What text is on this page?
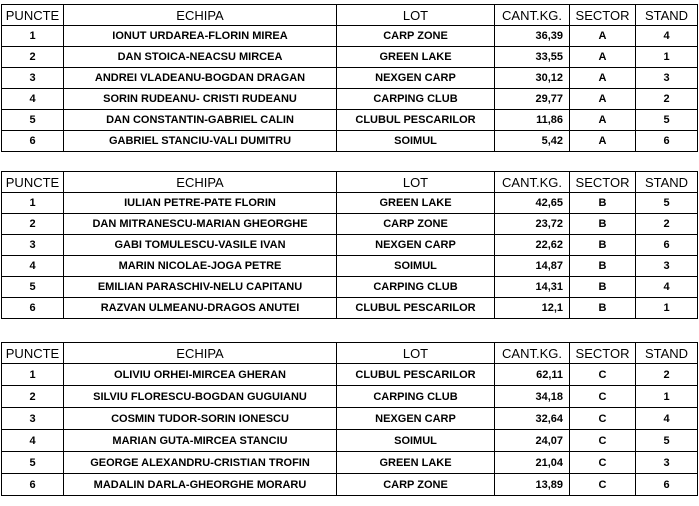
PUNCTE	ECHIPA	LOT	CANT.KG.	SECTOR	STAND
1	IONUT URDAREA-FLORIN MIREA	CARP ZONE	36,39	A	4
2	DAN STOICA-NEACSU MIRCEA	GREEN LAKE	33,55	A	1
3	ANDREI VLADEANU-BOGDAN DRAGAN	NEXGEN CARP	30,12	A	3
4	SORIN RUDEANU- CRISTI RUDEANU	CARPING CLUB	29,77	A	2
5	DAN CONSTANTIN-GABRIEL CALIN	CLUBUL PESCARILOR	11,86	A	5
6	GABRIEL STANCIU-VALI DUMITRU	SOIMUL	5,42	A	6
PUNCTE	ECHIPA	LOT	CANT.KG.	SECTOR	STAND
1	IULIAN PETRE-PATE FLORIN	GREEN LAKE	42,65	B	5
2	DAN MITRANESCU-MARIAN GHEORGHE	CARP ZONE	23,72	B	2
3	GABI TOMULESCU-VASILE IVAN	NEXGEN CARP	22,62	B	6
4	MARIN NICOLAE-JOGA PETRE	SOIMUL	14,87	B	3
5	EMILIAN PARASCHIV-NELU CAPITANU	CARPING CLUB	14,31	B	4
6	RAZVAN ULMEANU-DRAGOS ANUTEI	CLUBUL PESCARILOR	12,1	B	1
PUNCTE	ECHIPA	LOT	CANT.KG.	SECTOR	STAND
1	OLIVIU ORHEI-MIRCEA GHERAN	CLUBUL PESCARILOR	62,11	C	2
2	SILVIU FLORESCU-BOGDAN GUGUIANU	CARPING CLUB	34,18	C	1
3	COSMIN TUDOR-SORIN IONESCU	NEXGEN CARP	32,64	C	4
4	MARIAN GUTA-MIRCEA STANCIU	SOIMUL	24,07	C	5
5	GEORGE ALEXANDRU-CRISTIAN TROFIN	GREEN LAKE	21,04	C	3
6	MADALIN DARLA-GHEORGHE MORARU	CARP ZONE	13,89	C	6
